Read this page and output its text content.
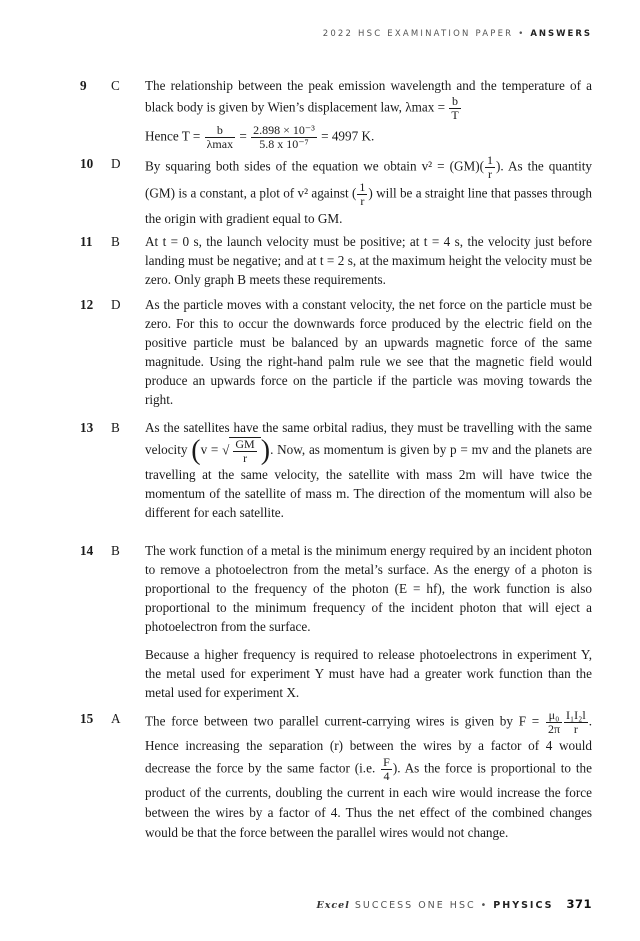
2022 HSC EXAMINATION PAPER • ANSWERS
9 C The relationship between the peak emission wavelength and the temperature of a black body is given by Wien’s displacement law, $\lambda\max = \frac{b}{T}$

Hence $T = \frac{b}{\lambda\max} = \frac{\text{2.898 × 10⁻³}}{\text{5.8 x 10⁻⁷}} = 4997$ K.

10 D By squaring both sides of the equation we obtain $v^2 = (GM)( \frac{1}{r}$ ). As the quantity (GM) is a constant, a plot of v² against ( $\frac{1}{r}$ ) will be a straight line that passes through the origin with gradient equal to GM.

11 B At t = 0 s, the launch velocity must be positive; at t = 4 s, the velocity just before landing must be negative; and at t = 2 s, at the maximum height the velocity must be zero. Only graph B meets these requirements.

12 D As the particle moves with a constant velocity, the net force on the particle must be zero. For this to occur the downwards force produced by the electric field on the positive particle must be balanced by an upwards magnetic force of the same magnitude. Using the right-hand palm rule we see that the magnetic field would produce an upwards force on the particle if the particle was moving towards the right.

13 B As the satellites have the same orbital radius, they must be travelling with the same velocity (v = √ $\frac{GM}{r}$ ). Now, as momentum is given by p = mv and the planets are travelling at the same velocity, the satellite with mass 2m will have twice the momentum of the satellite of mass m. The direction of the momentum will also be different for each satellite.

14 B The work function of a metal is the minimum energy required by an incident photon to remove a photoelectron from the metal’s surface. As the energy of a photon is proportional to the frequency of the photon (E = hf), the work function is also proportional to the minimum frequency of the incident photon that will eject a photoelectron from the surface.

Because a higher frequency is required to release photoelectrons in experiment Y, the metal used for experiment Y must have had a greater work function than the metal used for experiment X.

15 A The force between two parallel current-carrying wires is given by $F = \frac{\text{μ₀}}{2\pi} \frac{\text{I₁I₂l}}{r}$ . Hence increasing the separation (r) between the wires by a factor of 4 would decrease the force by the same factor (i.e. $\frac{F}{4}$ ). As the force is proportional to the product of the currents, doubling the current in each wire would increase the force between the wires by a factor of 4. Thus the net effect of the combined changes would be that the force between the parallel wires would not change.

Excel SUCCESS ONE HSC • PHYSICS 371
